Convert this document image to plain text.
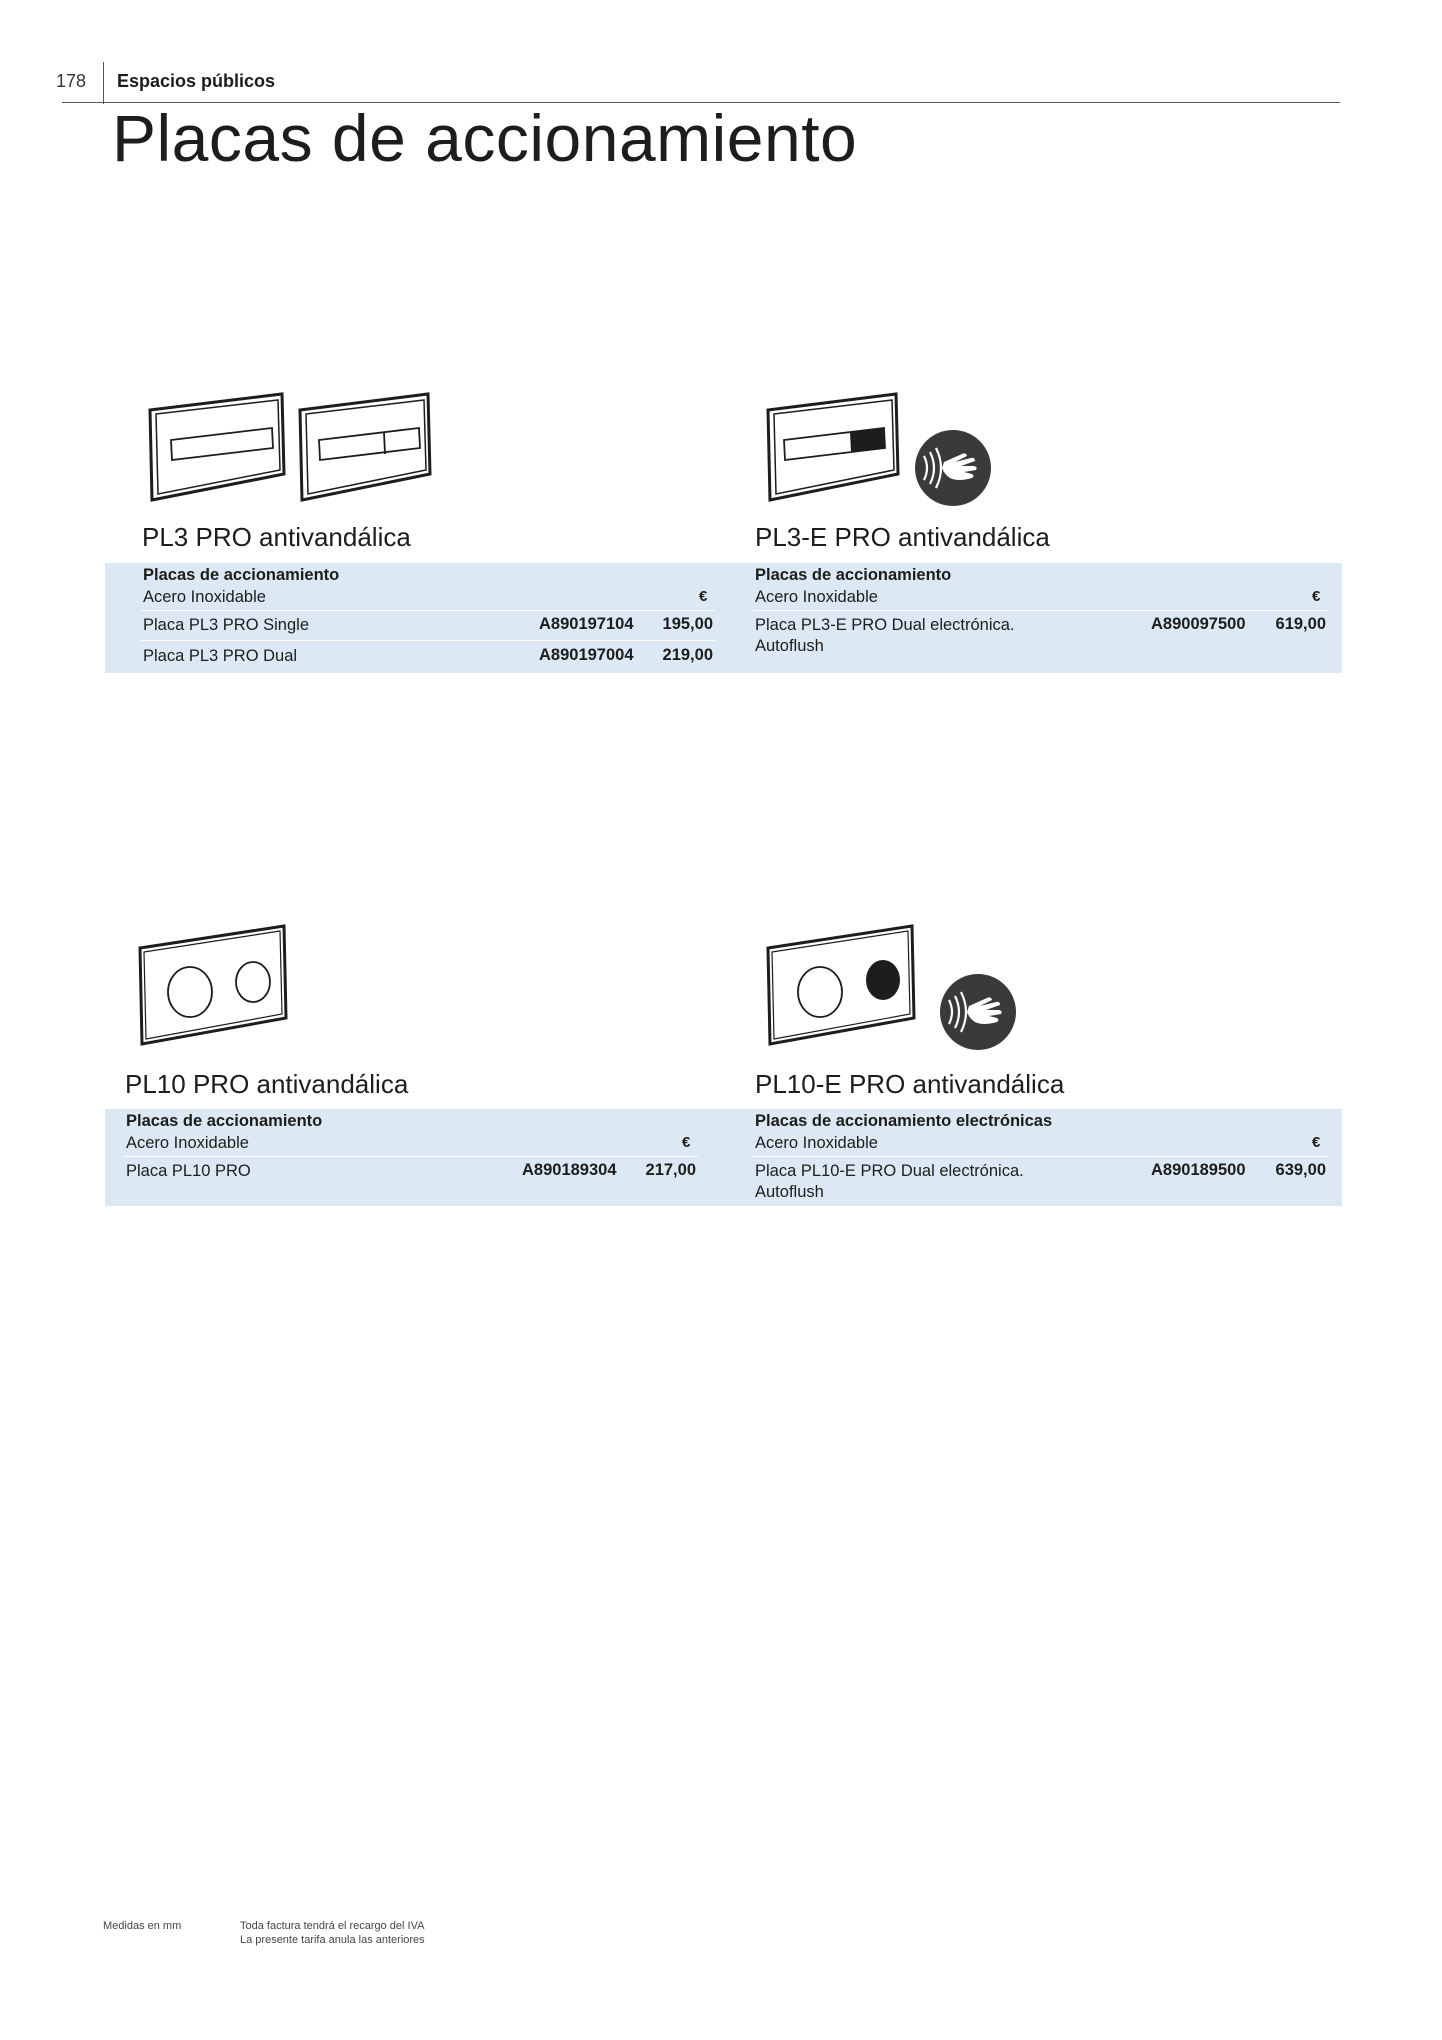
178 Espacios públicos
Placas de accionamiento
PL3 PRO antivandálica
Placas de accionamiento
Acero Inoxidable	€
Placa PL3 PRO Single	A890197104	195,00
Placa PL3 PRO Dual	A890197004	219,00
PL3-E PRO antivandálica
Placas de accionamiento
Acero Inoxidable	€
Placa PL3-E PRO Dual electrónica.
Autoflush
A890097500	619,00
PL10 PRO antivandálica
Placas de accionamiento
Acero Inoxidable	€
Placa PL10 PRO	A890189304	217,00
PL10-E PRO antivandálica
Placas de accionamiento electrónicas
Acero Inoxidable	€
Placa PL10-E PRO Dual electrónica.
Autoflush
A890189500	639,00
Medidas en mm	Toda factura tendrá el recargo del IVA
La presente tarifa anula las anteriores
